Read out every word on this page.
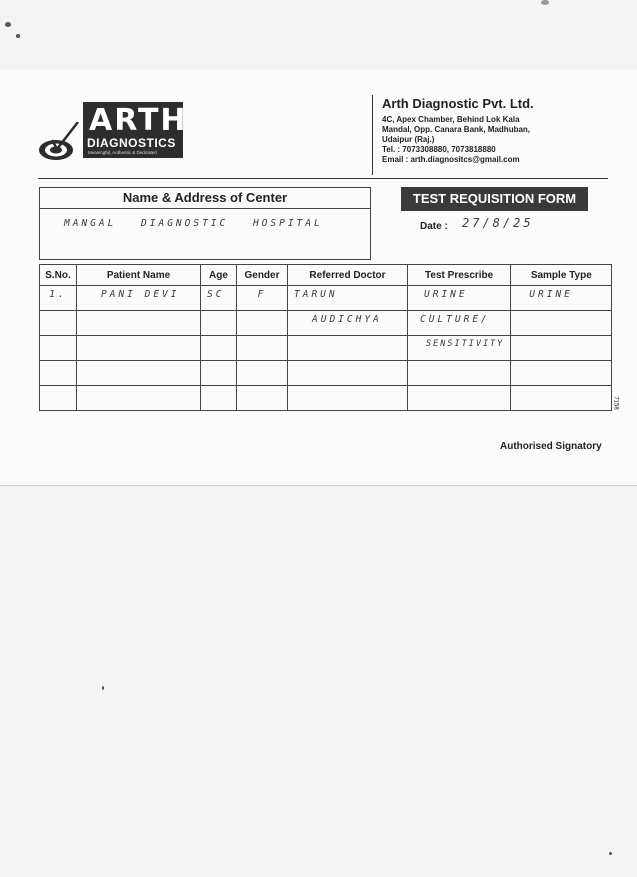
ARTH
DIAGNOSTICS
Meaningful, Authentic & Dedicated
Arth Diagnostic Pvt. Ltd.
4C, Apex Chamber, Behind Lok Kala
Mandal, Opp. Canara Bank, Madhuban,
Udaipur (Raj.)
Tel. : 7073308880, 7073818880
Email : arth.diagnositcs@gmail.com
Name & Address of Center
MANGAL DIAGNOSTIC HOSPITAL
TEST REQUISITION FORM
Date : 27/8/25
S.No.	Patient Name	Age	Gender	Referred Doctor	Test Prescribe	Sample Type

1.	PANI DEVI	SC	F	TARUN	URINE	URINE

				AUDICHYA	CULTURE/	

					SENSITIVITY	

7158
Authorised Signatory
